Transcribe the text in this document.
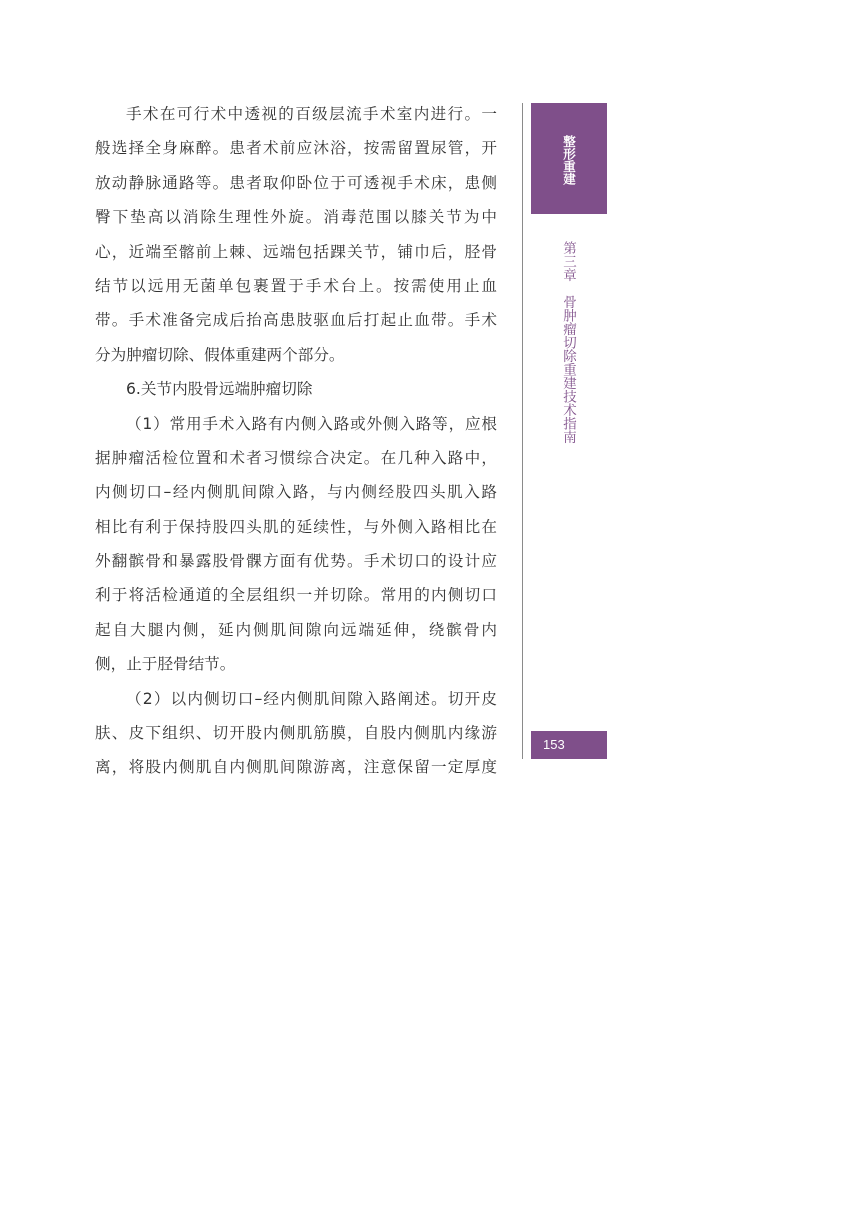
手术在可行术中透视的百级层流手术室内进行。一
般选择全身麻醉。患者术前应沐浴，按需留置尿管，开
放动静脉通路等。患者取仰卧位于可透视手术床，患侧
臀下垫高以消除生理性外旋。消毒范围以膝关节为中
心，近端至髂前上棘、远端包括踝关节，铺巾后，胫骨
结节以远用无菌单包裹置于手术台上。按需使用止血
带。手术准备完成后抬高患肢驱血后打起止血带。手术
分为肿瘤切除、假体重建两个部分。
6.关节内股骨远端肿瘤切除
（1）常用手术入路有内侧入路或外侧入路等，应根
据肿瘤活检位置和术者习惯综合决定。在几种入路中，
内侧切口–经内侧肌间隙入路，与内侧经股四头肌入路
相比有利于保持股四头肌的延续性，与外侧入路相比在
外翻髌骨和暴露股骨髁方面有优势。手术切口的设计应
利于将活检通道的全层组织一并切除。常用的内侧切口
起自大腿内侧，延内侧肌间隙向远端延伸，绕髌骨内
侧，止于胫骨结节。
（2）以内侧切口–经内侧肌间隙入路阐述。切开皮
肤、皮下组织、切开股内侧肌筋膜，自股内侧肌内缘游
离，将股内侧肌自内侧肌间隙游离，注意保留一定厚度
整形重建
第三章　骨肿瘤切除重建技术指南
153
